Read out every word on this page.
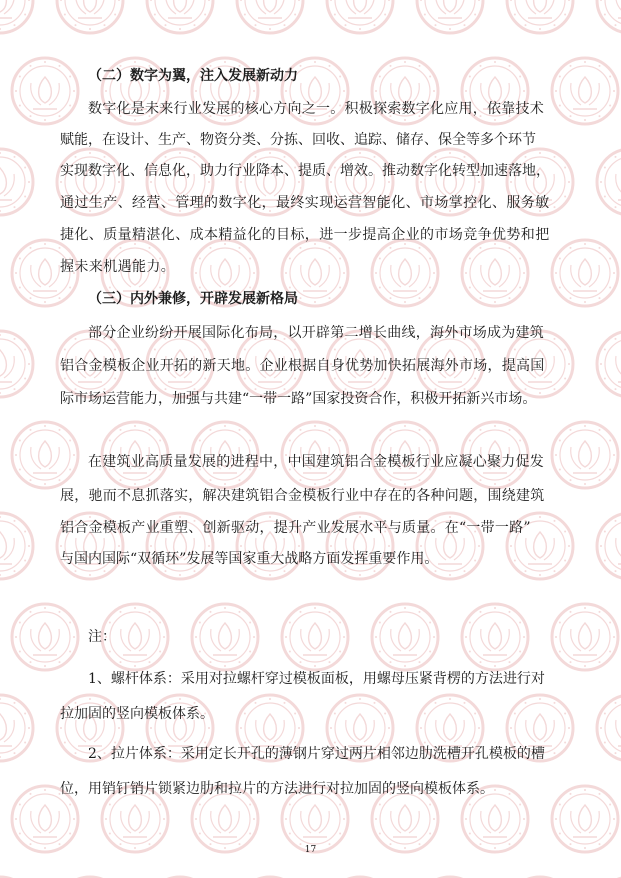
（二）数字为翼，注入发展新动力
数字化是未来行业发展的核心方向之一。积极探索数字化应用，依靠技术
赋能，在设计、生产、物资分类、分拣、回收、追踪、储存、保全等多个环节
实现数字化、信息化，助力行业降本、提质、增效。推动数字化转型加速落地，
通过生产、经营、管理的数字化，最终实现运营智能化、市场掌控化、服务敏
捷化、质量精湛化、成本精益化的目标，进一步提高企业的市场竞争优势和把
握未来机遇能力。
（三）内外兼修，开辟发展新格局
部分企业纷纷开展国际化布局，以开辟第二增长曲线，海外市场成为建筑
铝合金模板企业开拓的新天地。企业根据自身优势加快拓展海外市场，提高国
际市场运营能力，加强与共建“一带一路”国家投资合作，积极开拓新兴市场。
在建筑业高质量发展的进程中，中国建筑铝合金模板行业应凝心聚力促发
展，驰而不息抓落实，解决建筑铝合金模板行业中存在的各种问题，围绕建筑
铝合金模板产业重塑、创新驱动，提升产业发展水平与质量。在“一带一路”
与国内国际“双循环”发展等国家重大战略方面发挥重要作用。
注：
1、螺杆体系：采用对拉螺杆穿过模板面板，用螺母压紧背楞的方法进行对
拉加固的竖向模板体系。
2、拉片体系：采用定长开孔的薄钢片穿过两片相邻边肋洗槽开孔模板的槽
位，用销钉销片锁紧边肋和拉片的方法进行对拉加固的竖向模板体系。
17
